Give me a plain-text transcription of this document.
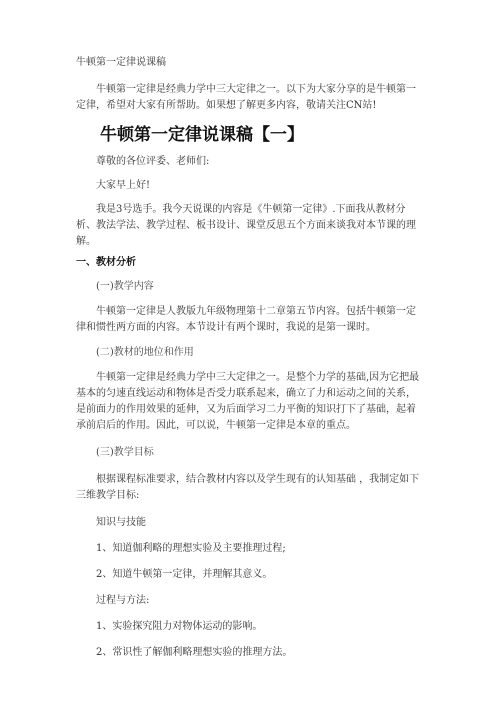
牛顿第一定律说课稿

牛顿第一定律是经典力学中三大定律之一。以下为大家分享的是牛顿第一定律，希望对大家有所帮助。如果想了解更多内容，敬请关注CN站!

牛顿第一定律说课稿【一】

尊敬的各位评委、老师们:

大家早上好!

我是3号选手。我今天说课的内容是《牛顿第一定律》.下面我从教材分析、教法学法、教学过程、板书设计、课堂反思五个方面来谈我对本节课的理解。

一、教材分析
(一)教学内容

牛顿第一定律是人教版九年级物理第十二章第五节内容。包括牛顿第一定律和惯性两方面的内容。本节设计有两个课时，我说的是第一课时。

(二)教材的地位和作用

牛顿第一定律是经典力学中三大定律之一。是整个力学的基础,因为它把最基本的匀速直线运动和物体是否受力联系起来，确立了力和运动之间的关系，是前面力的作用效果的延伸，又为后面学习二力平衡的知识打下了基础，起着承前启后的作用。因此，可以说，牛顿第一定律是本章的重点。

(三)教学目标

根据课程标准要求，结合教材内容以及学生现有的认知基础 ，我制定如下三维教学目标:

知识与技能
1、知道伽利略的理想实验及主要推理过程;
2、知道牛顿第一定律，并理解其意义。
过程与方法:
1、实验探究阻力对物体运动的影响。
2、常识性了解伽利略理想实验的推理方法。
